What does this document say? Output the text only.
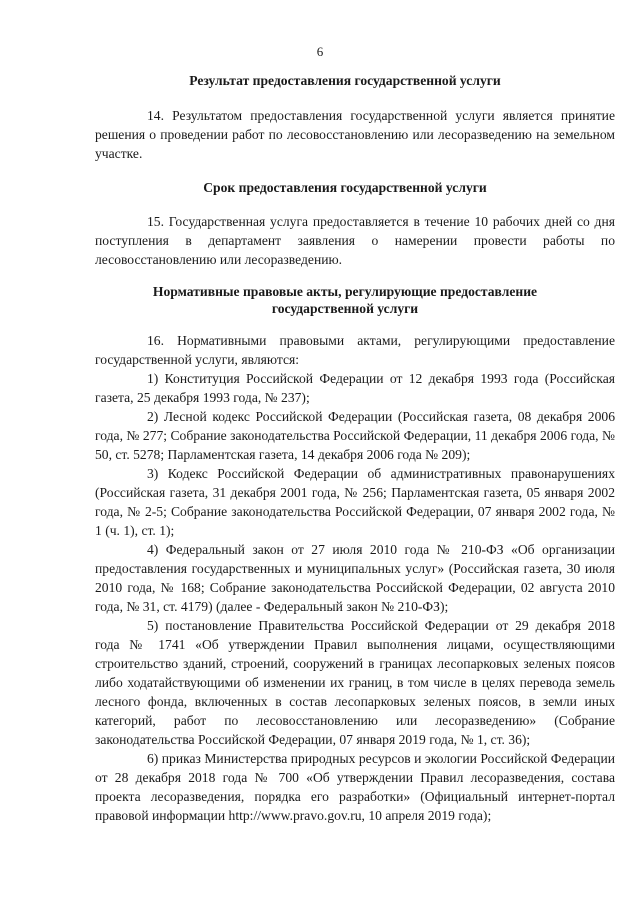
6
Результат предоставления государственной услуги

14. Результатом предоставления государственной услуги является принятие решения о проведении работ по лесовосстановлению или лесоразведению на земельном участке.

Срок предоставления государственной услуги

15. Государственная услуга предоставляется в течение 10 рабочих дней со дня поступления в департамент заявления о намерении провести работы по лесовосстановлению или лесоразведению.

Нормативные правовые акты, регулирующие предоставление
государственной услуги

16. Нормативными правовыми актами, регулирующими предоставление государственной услуги, являются:

1) Конституция Российской Федерации от 12 декабря 1993 года (Российская газета, 25 декабря 1993 года, № 237);

2) Лесной кодекс Российской Федерации (Российская газета, 08 декабря 2006 года, № 277; Собрание законодательства Российской Федерации, 11 декабря 2006 года, № 50, ст. 5278; Парламентская газета, 14 декабря 2006 года № 209);

3) Кодекс Российской Федерации об административных правонарушениях (Российская газета, 31 декабря 2001 года, № 256; Парламентская газета, 05 января 2002 года, № 2-5; Собрание законодательства Российской Федерации, 07 января 2002 года, № 1 (ч. 1), ст. 1);

4) Федеральный закон от 27 июля 2010 года № 210-ФЗ «Об организации предоставления государственных и муниципальных услуг» (Российская газета, 30 июля 2010 года, № 168; Собрание законодательства Российской Федерации, 02 августа 2010 года, № 31, ст. 4179) (далее - Федеральный закон № 210-ФЗ);

5) постановление Правительства Российской Федерации от 29 декабря 2018 года № 1741 «Об утверждении Правил выполнения лицами, осуществляющими строительство зданий, строений, сооружений в границах лесопарковых зеленых поясов либо ходатайствующими об изменении их границ, в том числе в целях перевода земель лесного фонда, включенных в состав лесопарковых зеленых поясов, в земли иных категорий, работ по лесовосстановлению или лесоразведению» (Собрание законодательства Российской Федерации, 07 января 2019 года, № 1, ст. 36);

6) приказ Министерства природных ресурсов и экологии Российской Федерации от 28 декабря 2018 года № 700 «Об утверждении Правил лесоразведения, состава проекта лесоразведения, порядка его разработки» (Официальный интернет-портал правовой информации http://www.pravo.gov.ru, 10 апреля 2019 года);
